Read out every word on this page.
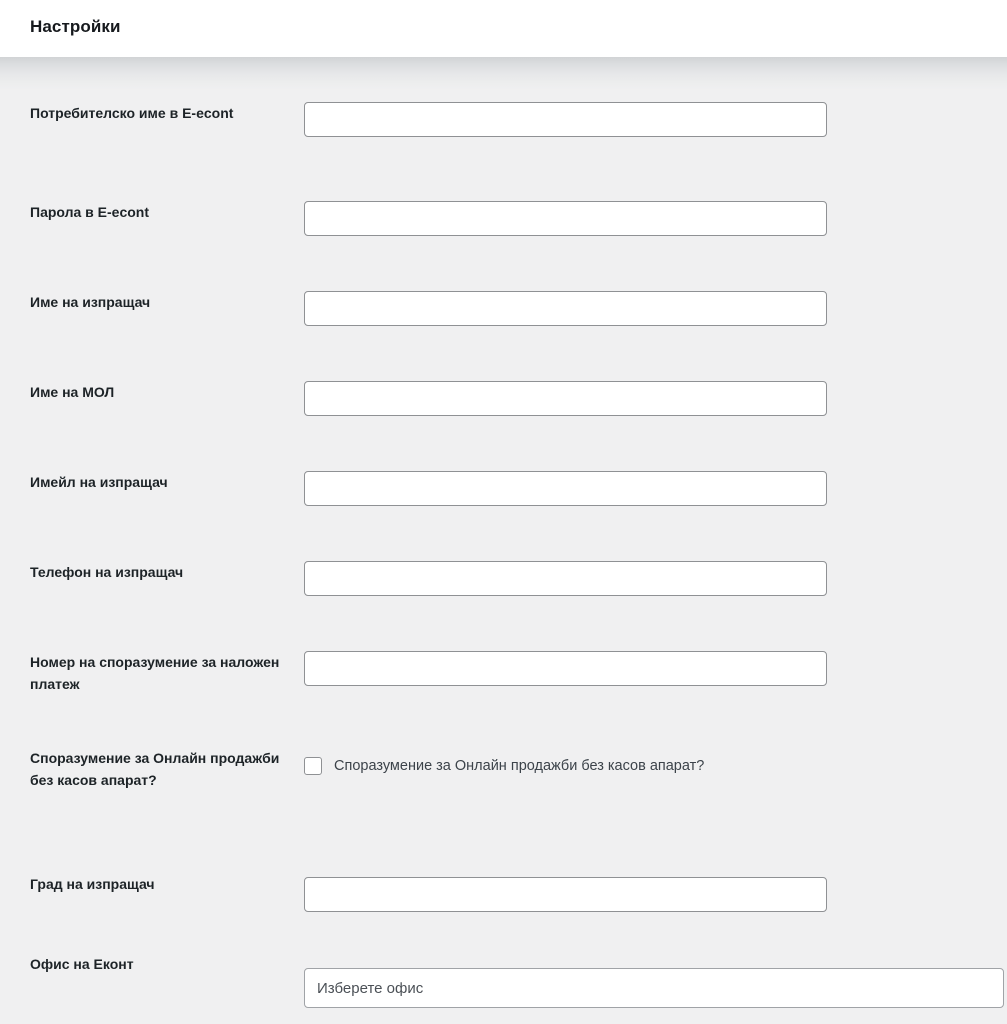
Настройки
Потребителско име в E-econt
Парола в E-econt
Име на изпращач
Име на МОЛ
Имейл на изпращач
Телефон на изпращач
Номер на споразумение за наложен платеж
Споразумение за Онлайн продажби без касов апарат?
Споразумение за Онлайн продажби без касов апарат?
Град на изпращач
Офис на Еконт
Изберете офис
